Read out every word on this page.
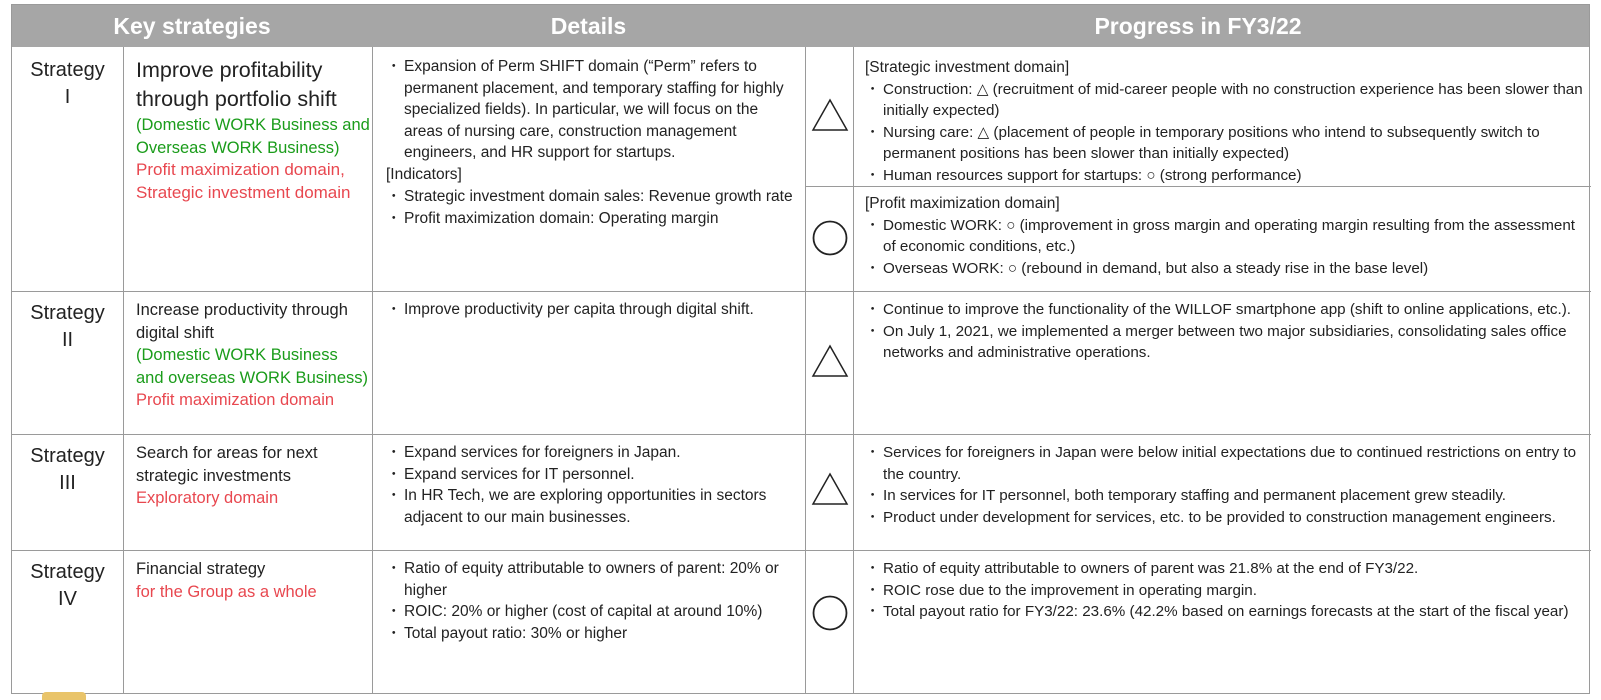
Key strategies	Details	Progress in FY3/22
Strategy
I
Improve profitability through portfolio shift
(Domestic WORK Business and Overseas WORK Business)
Profit maximization domain, Strategic investment domain
・ Expansion of Perm SHIFT domain (“Perm” refers to permanent placement, and temporary staffing for highly specialized fields). In particular, we will focus on the areas of nursing care, construction management engineers, and HR support for startups.
[Indicators]
・ Strategic investment domain sales: Revenue growth rate
・ Profit maximization domain: Operating margin
[Strategic investment domain]
・ Construction: △ (recruitment of mid-career people with no construction experience has been slower than initially expected)
・ Nursing care: △ (placement of people in temporary positions who intend to subsequently switch to permanent positions has been slower than initially expected)
・ Human resources support for startups: ○ (strong performance)
[Profit maximization domain]
・ Domestic WORK: ○ (improvement in gross margin and operating margin resulting from the assessment of economic conditions, etc.)
・ Overseas WORK: ○ (rebound in demand, but also a steady rise in the base level)
Strategy
II
Increase productivity through digital shift
(Domestic WORK Business and overseas WORK Business)
Profit maximization domain
・ Improve productivity per capita through digital shift.
・	Continue to improve the functionality of the WILLOF smartphone app (shift to online applications, etc.).
・ On July 1, 2021, we implemented a merger between two major subsidiaries, consolidating sales office networks and administrative operations.
Strategy
III
Search for areas for next strategic investments
Exploratory domain
・ Expand services for foreigners in Japan.
・ Expand services for IT personnel.
・ In HR Tech, we are exploring opportunities in sectors adjacent to our main businesses.
・ Services for foreigners in Japan were below initial expectations due to continued restrictions on entry to the country.
・ In services for IT personnel, both temporary staffing and permanent placement grew steadily.
・ Product under development for services, etc. to be provided to construction management engineers.
Strategy
IV
Financial strategy
for the Group as a whole
・ Ratio of equity attributable to owners of parent: 20% or higher
・ ROIC: 20% or higher (cost of capital at around 10%)
・ Total payout ratio: 30% or higher
・ Ratio of equity attributable to owners of parent was 21.8% at the end of FY3/22.
・ ROIC rose due to the improvement in operating margin.
・ Total payout ratio for FY3/22: 23.6% (42.2% based on earnings forecasts at the start of the fiscal year)
